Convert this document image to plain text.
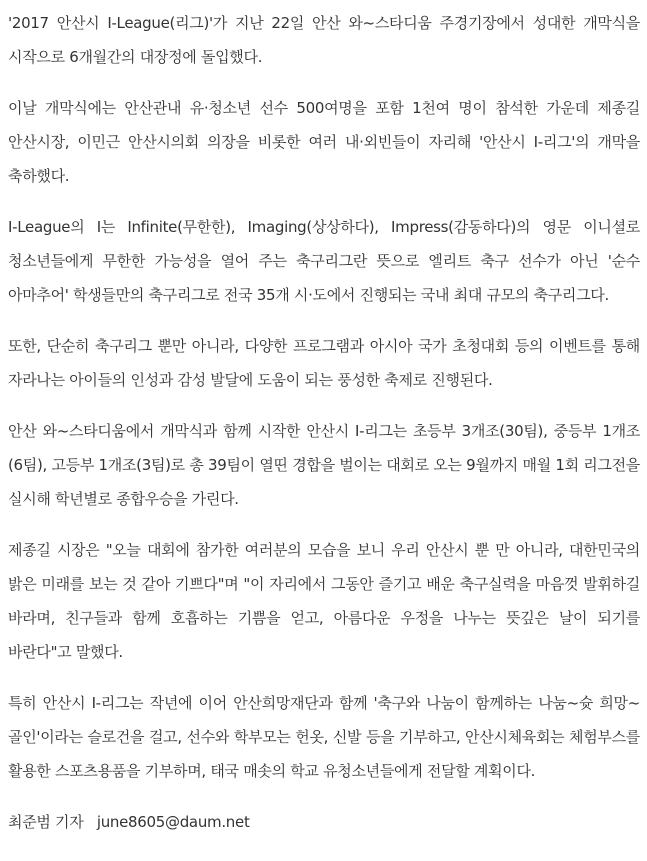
'2017 안산시 I-League(리그)'가 지난 22일 안산 와~스타디움 주경기장에서 성대한 개막식을 시작으로 6개월간의 대장정에 돌입했다.

이날 개막식에는 안산관내 유·청소년 선수 500여명을 포함 1천여 명이 참석한 가운데 제종길 안산시장, 이민근 안산시의회 의장을 비롯한 여러 내·외빈들이 자리해 '안산시 I-리그'의 개막을 축하했다.

I-League의 I는 Infinite(무한한), Imaging(상상하다), Impress(감동하다)의 영문 이니셜로 청소년들에게 무한한 가능성을 열어 주는 축구리그란 뜻으로 엘리트 축구 선수가 아닌 '순수 아마추어' 학생들만의 축구리그로 전국 35개 시·도에서 진행되는 국내 최대 규모의 축구리그다.

또한, 단순히 축구리그 뿐만 아니라, 다양한 프로그램과 아시아 국가 초청대회 등의 이벤트를 통해 자라나는 아이들의 인성과 감성 발달에 도움이 되는 풍성한 축제로 진행된다.

안산 와~스타디움에서 개막식과 함께 시작한 안산시 I-리그는 초등부 3개조(30팀), 중등부 1개조(6팀), 고등부 1개조(3팀)로 총 39팀이 열띤 경합을 벌이는 대회로 오는 9월까지 매월 1회 리그전을 실시해 학년별로 종합우승을 가린다.

제종길 시장은 "오늘 대회에 참가한 여러분의 모습을 보니 우리 안산시 뿐 만 아니라, 대한민국의 밝은 미래를 보는 것 같아 기쁘다"며 "이 자리에서 그동안 즐기고 배운 축구실력을 마음껏 발휘하길 바라며, 친구들과 함께 호흡하는 기쁨을 얻고, 아름다운 우정을 나누는 뜻깊은 날이 되기를 바란다"고 말했다.

특히 안산시 I-리그는 작년에 이어 안산희망재단과 함께 '축구와 나눔이 함께하는 나눔~슛 희망~골인'이라는 슬로건을 걸고, 선수와 학부모는 헌옷, 신발 등을 기부하고, 안산시체육회는 체험부스를 활용한 스포츠용품을 기부하며, 태국 매솟의 학교 유청소년들에게 전달할 계획이다.

최준범 기자   june8605@daum.net
